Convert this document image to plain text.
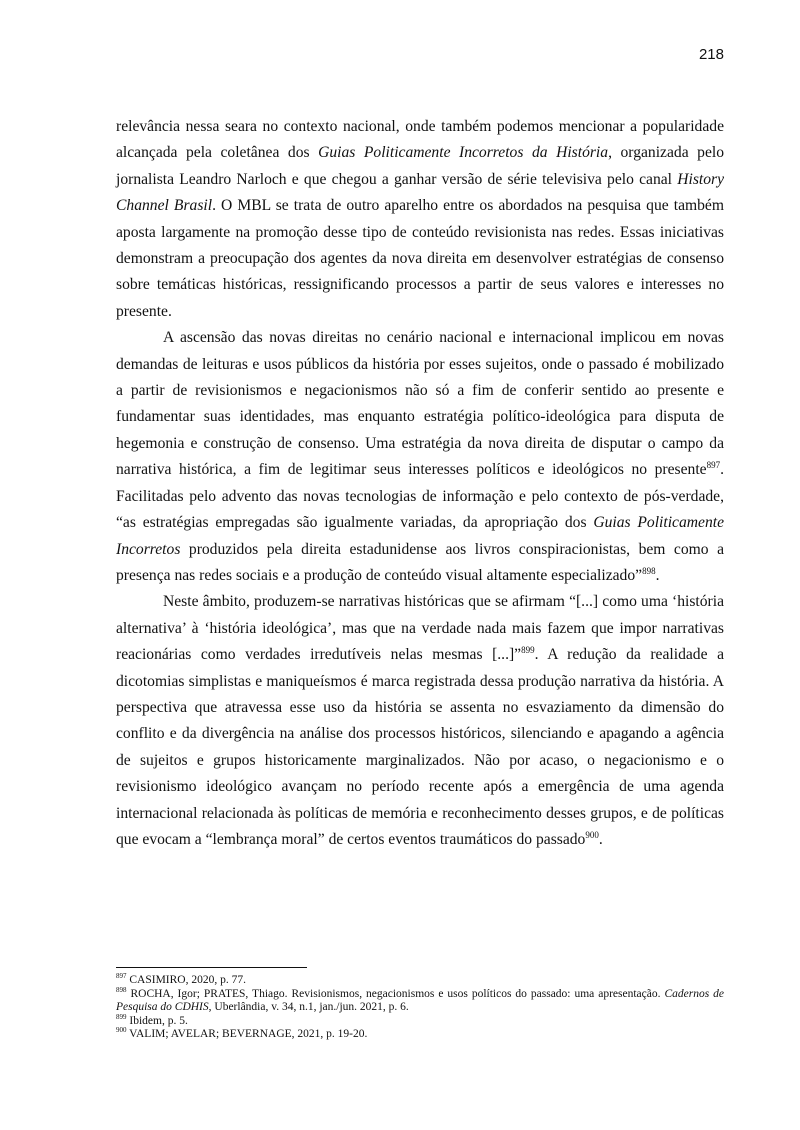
218

relevância nessa seara no contexto nacional, onde também podemos mencionar a popularidade alcançada pela coletânea dos Guias Politicamente Incorretos da História, organizada pelo jornalista Leandro Narloch e que chegou a ganhar versão de série televisiva pelo canal History Channel Brasil. O MBL se trata de outro aparelho entre os abordados na pesquisa que também aposta largamente na promoção desse tipo de conteúdo revisionista nas redes. Essas iniciativas demonstram a preocupação dos agentes da nova direita em desenvolver estratégias de consenso sobre temáticas históricas, ressignificando processos a partir de seus valores e interesses no presente.

A ascensão das novas direitas no cenário nacional e internacional implicou em novas demandas de leituras e usos públicos da história por esses sujeitos, onde o passado é mobilizado a partir de revisionismos e negacionismos não só a fim de conferir sentido ao presente e fundamentar suas identidades, mas enquanto estratégia político-ideológica para disputa de hegemonia e construção de consenso. Uma estratégia da nova direita de disputar o campo da narrativa histórica, a fim de legitimar seus interesses políticos e ideológicos no presente$^{897}$. Facilitadas pelo advento das novas tecnologias de informação e pelo contexto de pós-verdade, “as estratégias empregadas são igualmente variadas, da apropriação dos Guias Politicamente Incorretos produzidos pela direita estadunidense aos livros conspiracionistas, bem como a presença nas redes sociais e a produção de conteúdo visual altamente especializado”$^{898}$.

Neste âmbito, produzem-se narrativas históricas que se afirmam “[...] como uma ‘história alternativa’ à ‘história ideológica’, mas que na verdade nada mais fazem que impor narrativas reacionárias como verdades irredutíveis nelas mesmas [...]”$^{899}$. A redução da realidade a dicotomias simplistas e maniqueísmos é marca registrada dessa produção narrativa da história. A perspectiva que atravessa esse uso da história se assenta no esvaziamento da dimensão do conflito e da divergência na análise dos processos históricos, silenciando e apagando a agência de sujeitos e grupos historicamente marginalizados. Não por acaso, o negacionismo e o revisionismo ideológico avançam no período recente após a emergência de uma agenda internacional relacionada às políticas de memória e reconhecimento desses grupos, e de políticas que evocam a “lembrança moral” de certos eventos traumáticos do passado$^{900}$.

$^{897}$ CASIMIRO, 2020, p. 77.

$^{898}$ ROCHA, Igor; PRATES, Thiago. Revisionismos, negacionismos e usos políticos do passado: uma apresentação. Cadernos de Pesquisa do CDHIS, Uberlândia, v. 34, n.1, jan./jun. 2021, p. 6.

$^{899}$ Ibidem, p. 5.

$^{900}$ VALIM; AVELAR; BEVERNAGE, 2021, p. 19-20.
